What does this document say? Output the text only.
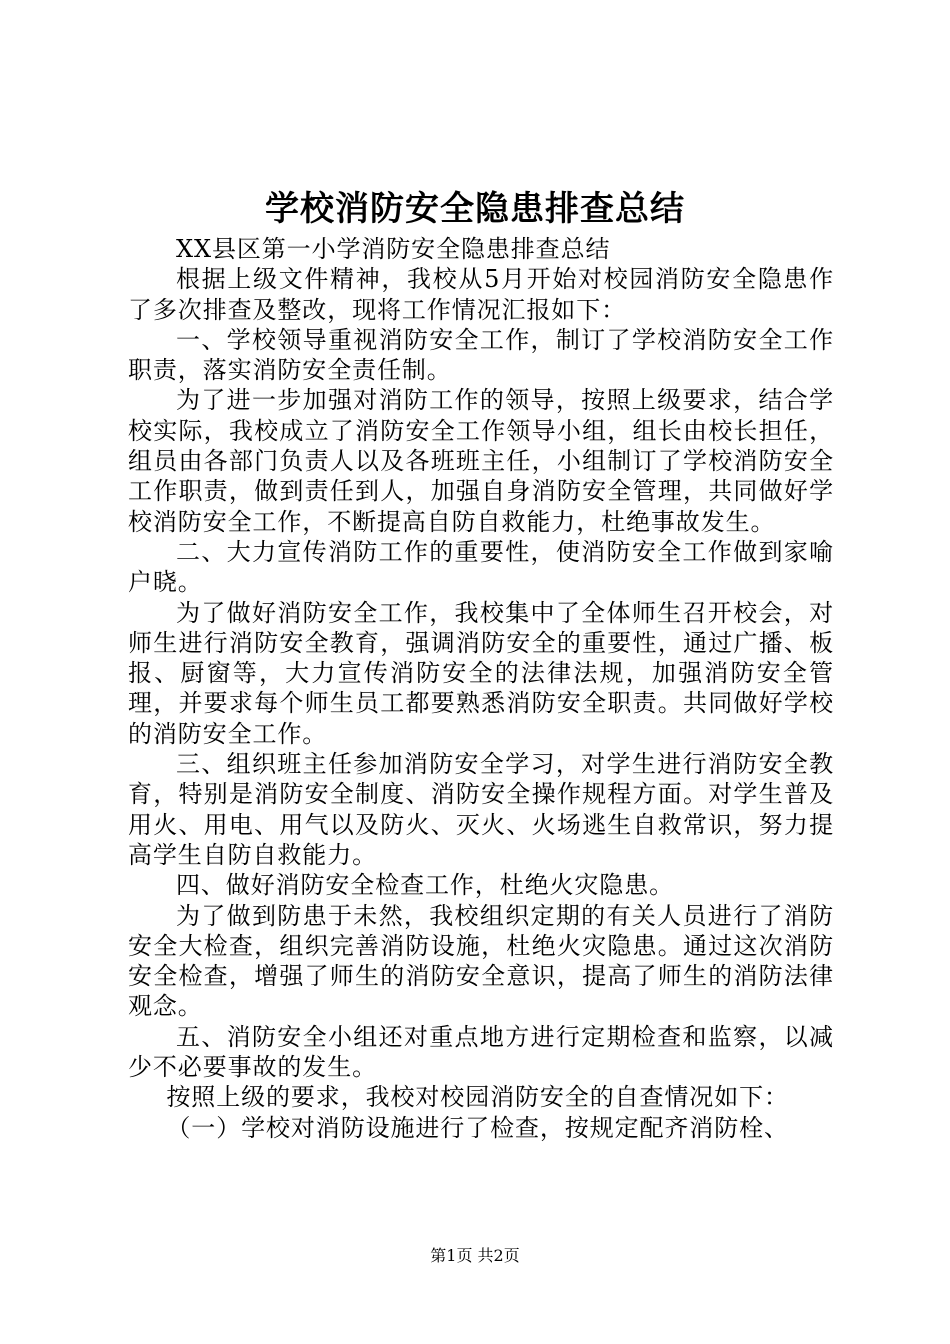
学校消防安全隐患排查总结

XX县区第一小学消防安全隐患排查总结

根据上级文件精神，我校从5月开始对校园消防安全隐患作了多次排查及整改，现将工作情况汇报如下：

一、学校领导重视消防安全工作，制订了学校消防安全工作职责，落实消防安全责任制。

为了进一步加强对消防工作的领导，按照上级要求，结合学校实际，我校成立了消防安全工作领导小组，组长由校长担任，组员由各部门负责人以及各班班主任，小组制订了学校消防安全工作职责，做到责任到人，加强自身消防安全管理，共同做好学校消防安全工作，不断提高自防自救能力，杜绝事故发生。

二、大力宣传消防工作的重要性，使消防安全工作做到家喻户晓。

为了做好消防安全工作，我校集中了全体师生召开校会，对师生进行消防安全教育，强调消防安全的重要性，通过广播、板报、厨窗等，大力宣传消防安全的法律法规，加强消防安全管理，并要求每个师生员工都要熟悉消防安全职责。共同做好学校的消防安全工作。

三、组织班主任参加消防安全学习，对学生进行消防安全教育，特别是消防安全制度、消防安全操作规程方面。对学生普及用火、用电、用气以及防火、灭火、火场逃生自救常识，努力提高学生自防自救能力。

四、做好消防安全检查工作，杜绝火灾隐患。

为了做到防患于未然，我校组织定期的有关人员进行了消防安全大检查，组织完善消防设施，杜绝火灾隐患。通过这次消防安全检查，增强了师生的消防安全意识，提高了师生的消防法律观念。

五、消防安全小组还对重点地方进行定期检查和监察，以减少不必要事故的发生。

按照上级的要求，我校对校园消防安全的自查情况如下：

（一）学校对消防设施进行了检查，按规定配齐消防栓、

第1页 共2页
